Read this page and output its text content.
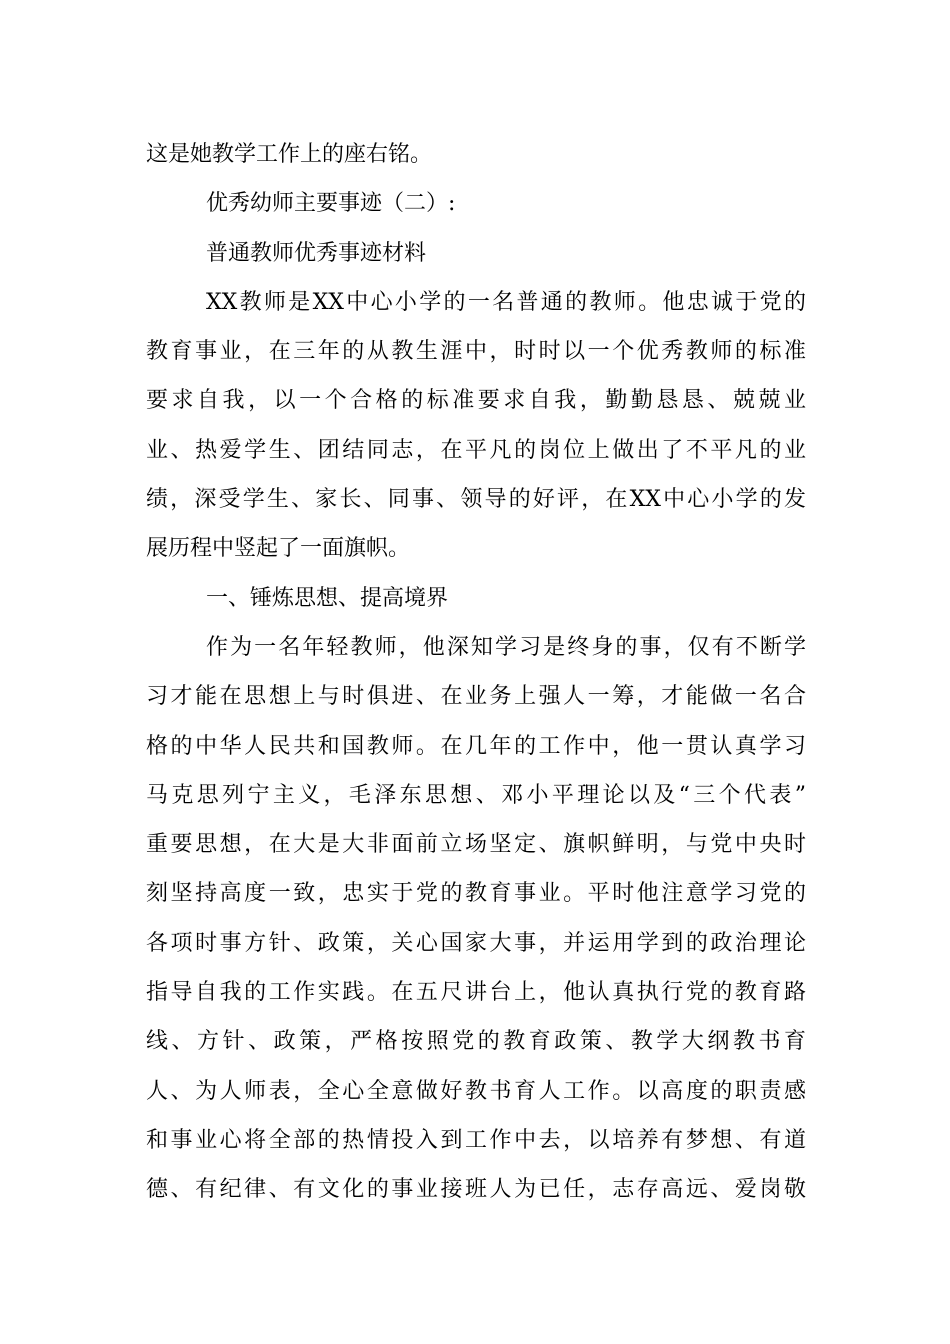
这是她教学工作上的座右铭。
优秀幼师主要事迹（二）:
普通教师优秀事迹材料
XX教师是XX中心小学的一名普通的教师。他忠诚于党的
教育事业，在三年的从教生涯中，时时以一个优秀教师的标准
要求自我，以一个合格的标准要求自我，勤勤恳恳、兢兢业
业、热爱学生、团结同志，在平凡的岗位上做出了不平凡的业
绩，深受学生、家长、同事、领导的好评，在XX中心小学的发
展历程中竖起了一面旗帜。
一、锤炼思想、提高境界
作为一名年轻教师，他深知学习是终身的事，仅有不断学
习才能在思想上与时俱进、在业务上强人一筹，才能做一名合
格的中华人民共和国教师。在几年的工作中，他一贯认真学习
马克思列宁主义，毛泽东思想、邓小平理论以及“三个代表”
重要思想，在大是大非面前立场坚定、旗帜鲜明，与党中央时
刻坚持高度一致，忠实于党的教育事业。平时他注意学习党的
各项时事方针、政策，关心国家大事，并运用学到的政治理论
指导自我的工作实践。在五尺讲台上，他认真执行党的教育路
线、方针、政策，严格按照党的教育政策、教学大纲教书育
人、为人师表，全心全意做好教书育人工作。以高度的职责感
和事业心将全部的热情投入到工作中去，以培养有梦想、有道
德、有纪律、有文化的事业接班人为已任，志存高远、爱岗敬
